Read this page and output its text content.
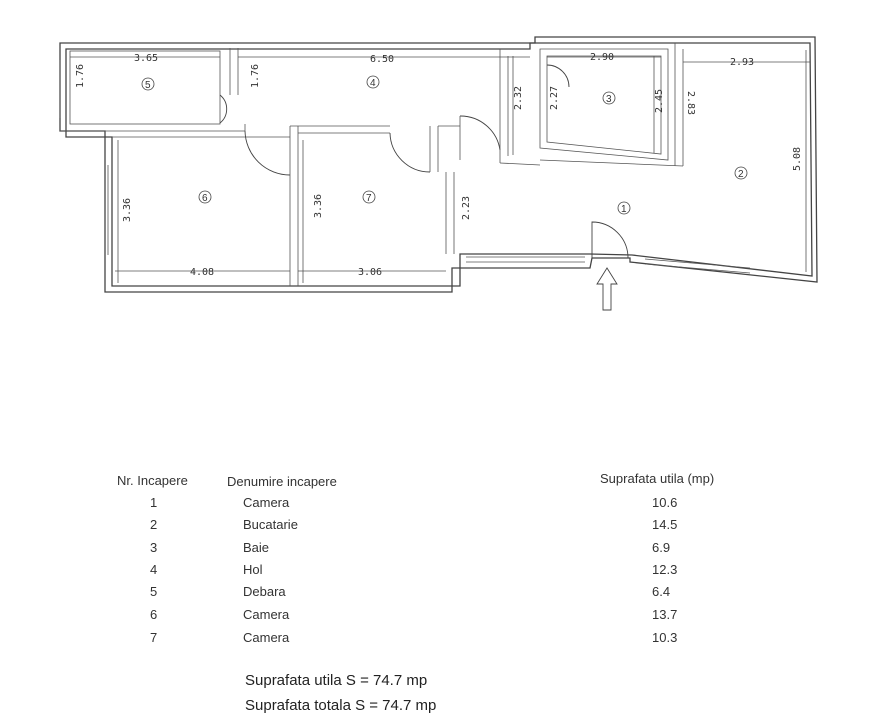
3.65	6.50	2.90	2.93
4.08	3.06
1.76	1.76
2.32	2.27	2.45 2.83
5.08
3.36	3.36	2.23
5	4
3
2
1
6	7
Nr. Incapere	Denumire incapere	Suprafata utila (mp)
1	Camera	10.6
2	Bucatarie	14.5
3	Baie	6.9
4	Hol	12.3
5	Debara	6.4
6	Camera	13.7
7	Camera	10.3
Suprafata utila S = 74.7 mp
Suprafata totala S = 74.7 mp
